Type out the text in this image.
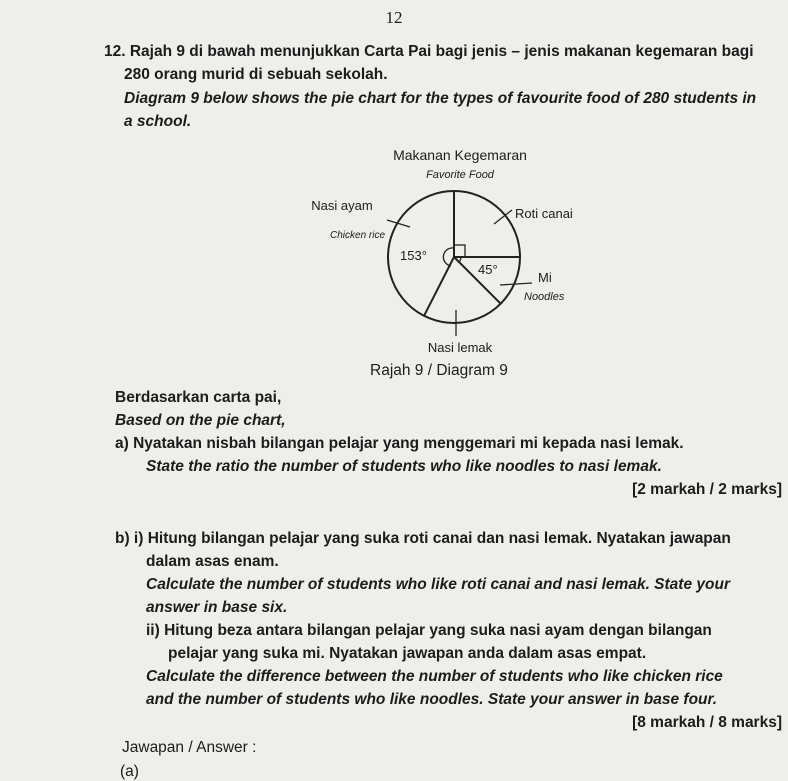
12
12. Rajah 9 di bawah menunjukkan Carta Pai bagi jenis – jenis makanan kegemaran bagi
280 orang murid di sebuah sekolah.
Diagram 9 below shows the pie chart for the types of favourite food of 280 students in
a school.
Makanan Kegemaran
Favorite Food
153°
45°
Nasi ayam
Chicken rice
Roti canai
Mi
Noodles
Nasi lemak
Rajah 9 / Diagram 9
Berdasarkan carta pai,
Based on the pie chart,
a) Nyatakan nisbah bilangan pelajar yang menggemari mi kepada nasi lemak.
State the ratio the number of students who like noodles to nasi lemak.
[2 markah / 2 marks]
b) i) Hitung bilangan pelajar yang suka roti canai dan nasi lemak. Nyatakan jawapan
dalam asas enam.
Calculate the number of students who like roti canai and nasi lemak. State your
answer in base six.
ii) Hitung beza antara bilangan pelajar yang suka nasi ayam dengan bilangan
pelajar yang suka mi. Nyatakan jawapan anda dalam asas empat.
Calculate the difference between the number of students who like chicken rice
and the number of students who like noodles. State your answer in base four.
[8 markah / 8 marks]
Jawapan / Answer :
(a)
